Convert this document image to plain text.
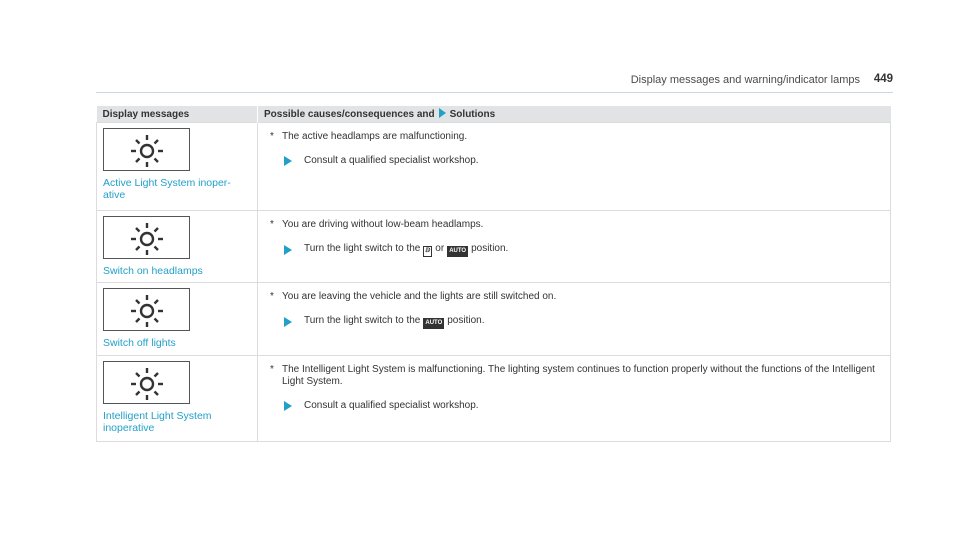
Display messages and warning/indicator lamps 449
Display messages	Possible causes/consequences and Solutions

Active Light System inoper-ative	* The active headlamps are malfunctioning.
Consult a qualified specialist workshop.

Switch on headlamps	* You are driving without low-beam headlamps.
Turn the light switch to the ⅅ or AUTO position.

Switch off lights	* You are leaving the vehicle and the lights are still switched on.
Turn the light switch to the AUTO position.

Intelligent Light System inoperative	* The Intelligent Light System is malfunctioning. The lighting system continues to function properly without the functions of the Intelligent Light System.
Consult a qualified specialist workshop.
